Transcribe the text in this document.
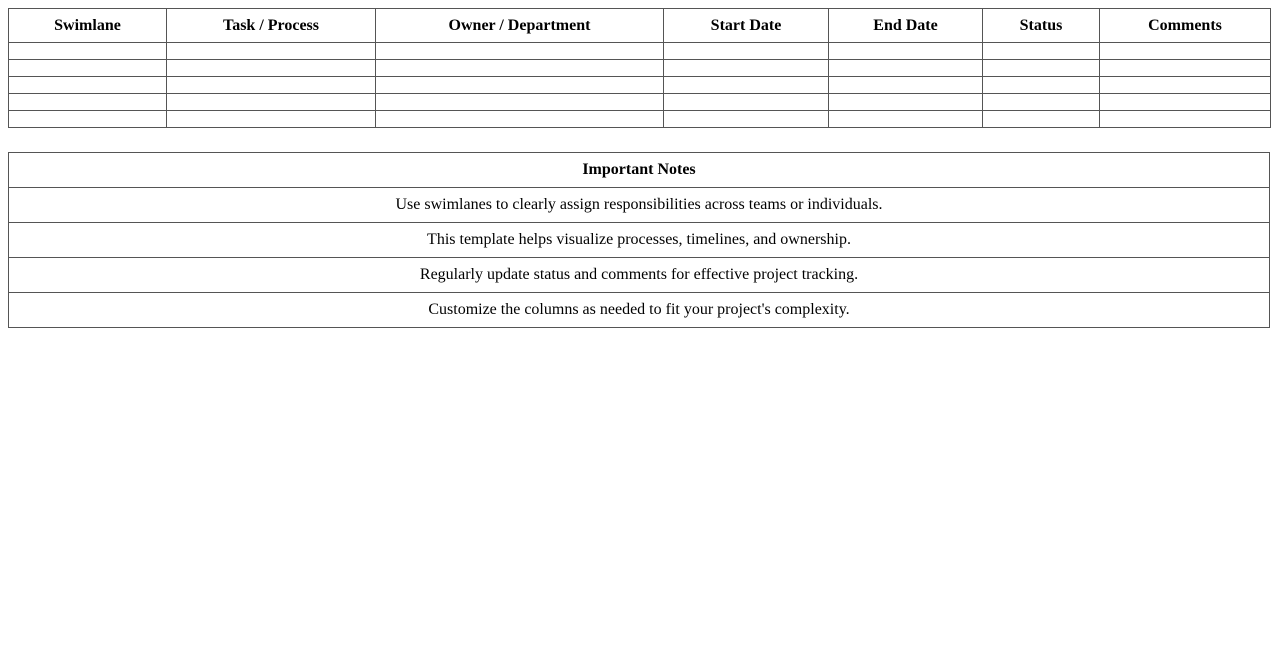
Swimlane	Task / Process	Owner / Department	Start Date	End Date	Status	Comments

Important Notes
Use swimlanes to clearly assign responsibilities across teams or individuals.
This template helps visualize processes, timelines, and ownership.
Regularly update status and comments for effective project tracking.
Customize the columns as needed to fit your project's complexity.
